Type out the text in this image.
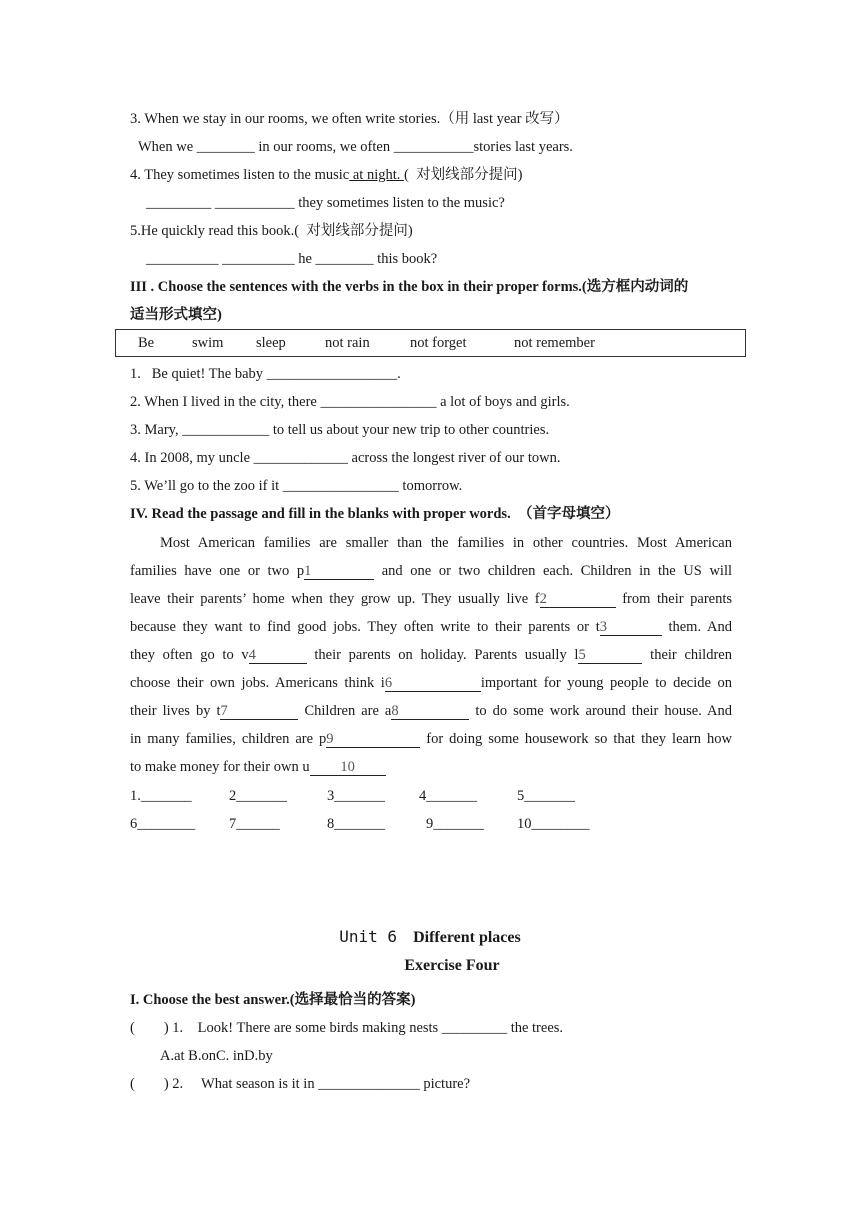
3. When we stay in our rooms, we often write stories.（用 last year 改写）
When we ________ in our rooms, we often ___________stories last years.
4. They sometimes listen to the music at night. (  对划线部分提问)
_________ ___________ they sometimes listen to the music?
5.He quickly read this book.(  对划线部分提问)
__________ __________ he ________ this book?
III . Choose the sentences with the verbs in the box in their proper forms.(选方框内动词的
适当形式填空)
Be	swim sleep	not rain	not forget	not remember
1.   Be quiet! The baby __________________.
2. When I lived in the city, there ________________ a lot of boys and girls.
3. Mary, ____________ to tell us about your new trip to other countries.
4. In 2008, my uncle _____________ across the longest river of our town.
5. We’ll go to the zoo if it ________________ tomorrow.
IV. Read the passage and fill in the blanks with proper words.  （首字母填空）
Most American families are smaller than the families in other countries. Most American
families have one or two p1	and one or two children each. Children in the US will
leave their parents’ home when they grow up. They usually live f2	from their parents
because they want to find good jobs. They often write to their parents or t3	them. And
they often go to v4	their parents on holiday. Parents usually l5	their children
choose their own jobs. Americans think i6	important for young people to decide on
their lives by t7	Children are a8	to do some work around their house. And
in many families, children are p9	for doing some housework so that they learn how
to make money for their own u 10
1._______	2_______	3_______ 4_______	5_______
6________ 7______	8_______	9_______ 10________
Unit 6 Different places
Exercise Four
I. Choose the best answer.(选择最恰当的答案)
(        ) 1.    Look! There are some birds making nests _________ the trees.
A.at B.onC. inD.by
(        ) 2.     What season is it in ______________ picture?
